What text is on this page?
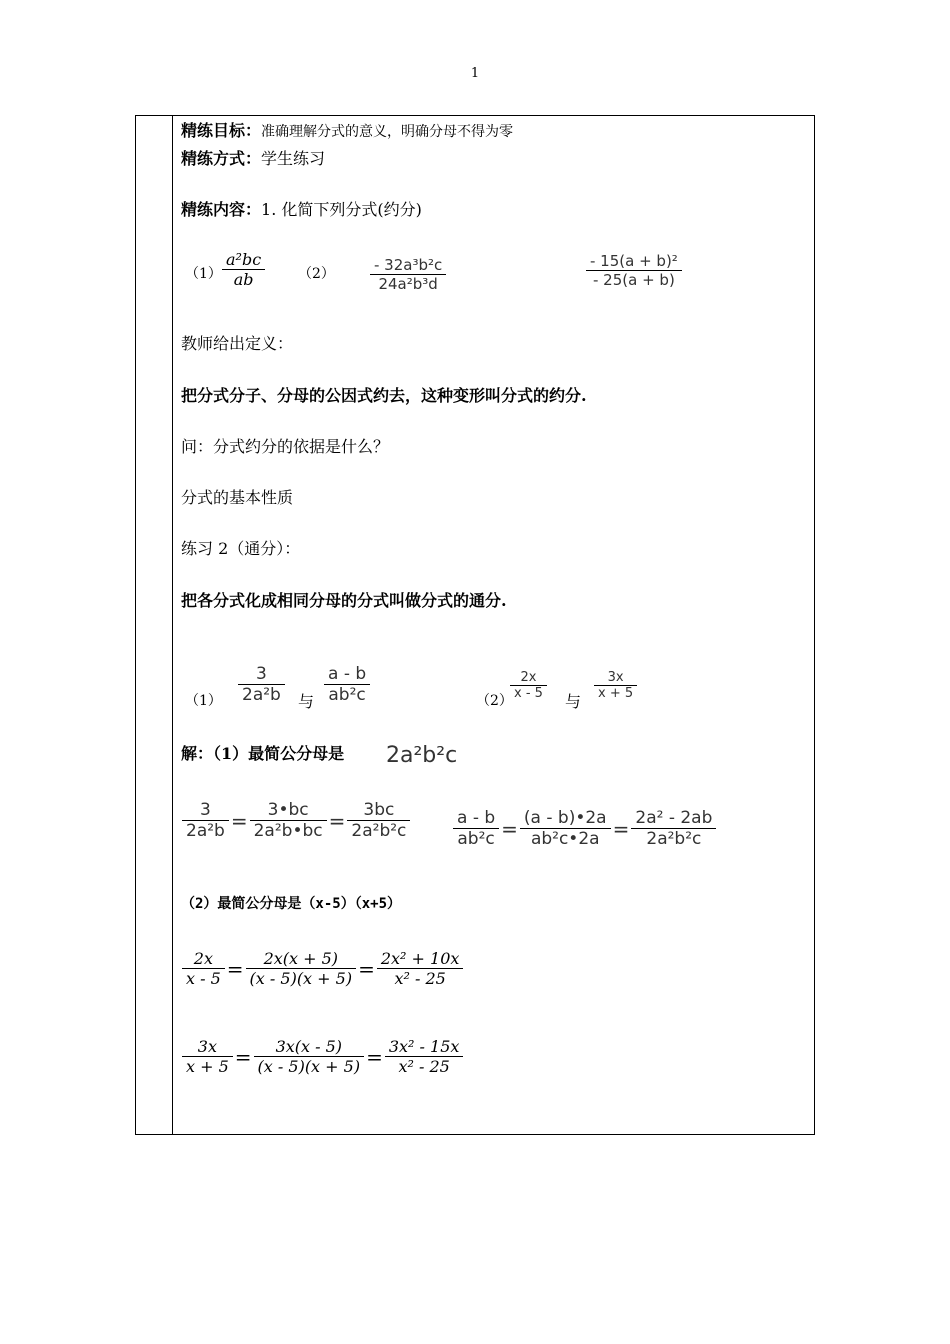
1
精练目标：准确理解分式的意义，明确分母不得为零
精练方式：学生练习
精练内容：1. 化简下列分式(约分)
$(1) \frac{\text{a²bc}}{ab} (2) \frac{\text{- 32a³b²c}}{\text{24a²b³d}}$	$\frac{\text{- 15(a + b)²}}{- 25(a + b)}$
教师给出定义：
把分式分子、分母的公因式约去，这种变形叫分式的约分.
问：分式约分的依据是什么？
分式的基本性质
练习 2（通分）：
把各分式化成相同分母的分式叫做分式的通分.
$(1) \frac{3}{\text{2a²b}}$ 与 $\frac{a - b}{\text{ab²c}}$	（2）
$\frac{2x}{x - 5}$
与
$\frac{3x}{x + 5}$
解：（1）最简公分母是 2a²b²c
$\frac{3}{\text{2a²b}} = \frac{3•bc}{\text{2a²b•bc}} = \frac{3bc}{\text{2a²b²c}}$	$\frac{a - b}{\text{ab²c}} = \frac{(a - b)•2a}{\text{ab²c•2a}} = \frac{\text{2a² - 2ab}}{\text{2a²b²c}}$
（2）最简公分母是（x-5）（x+5）
$\frac{2x}{x - 5} = \frac{2x(x + 5)}{(x - 5)(x + 5)} = \frac{\text{2x² + 10x}}{\text{x² - 25}}$
$\frac{3x}{x + 5} = \frac{3x(x - 5)}{(x - 5)(x + 5)} = \frac{\text{3x² - 15x}}{\text{x² - 25}}$
